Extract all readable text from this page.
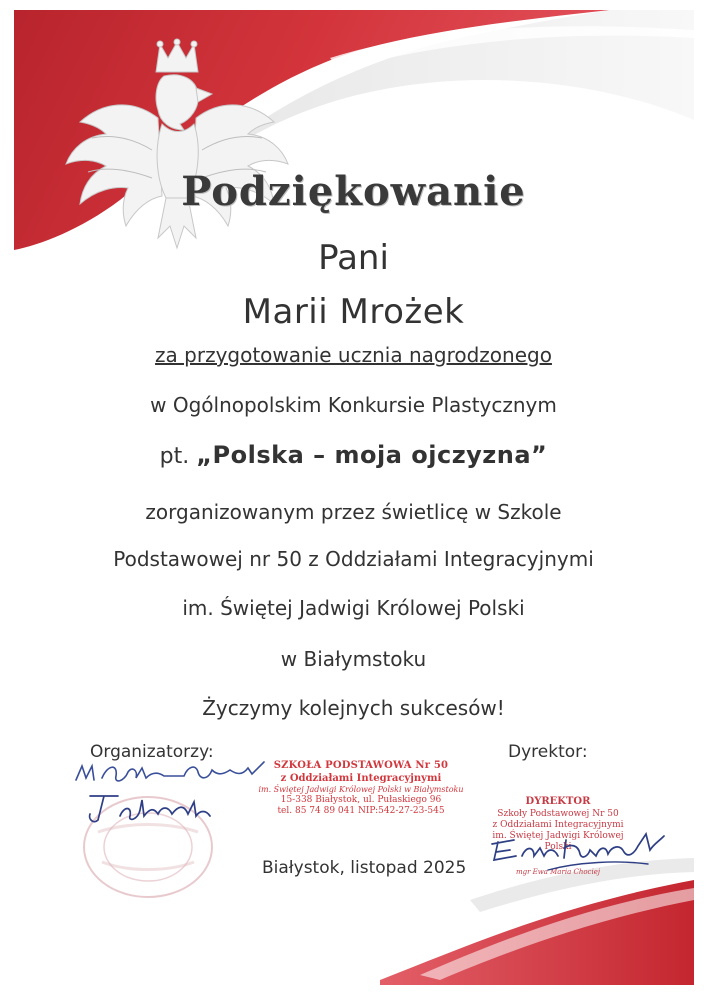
Podziękowanie
Pani
Marii Mrożek
za przygotowanie ucznia nagrodzonego
w Ogólnopolskim Konkursie Plastycznym
pt. „Polska – moja ojczyzna”
zorganizowanym przez świetlicę w Szkole
Podstawowej nr 50 z Oddziałami Integracyjnymi
im. Świętej Jadwigi Królowej Polski
w Białymstoku
Życzymy kolejnych sukcesów!
Organizatorzy:	Dyrektor:
SZKOŁA PODSTAWOWA Nr 50
z Oddziałami Integracyjnymi
im. Świętej Jadwigi Królowej Polski w Białymstoku
15-338 Białystok, ul. Pułaskiego 96
tel. 85 74 89 041 NIP:542-27-23-545
DYREKTOR
Szkoły Podstawowej Nr 50
z Oddziałami Integracyjnymi
im. Świętej Jadwigi Królowej Polski
mgr Ewa Maria Chociej
Białystok, listopad 2025
